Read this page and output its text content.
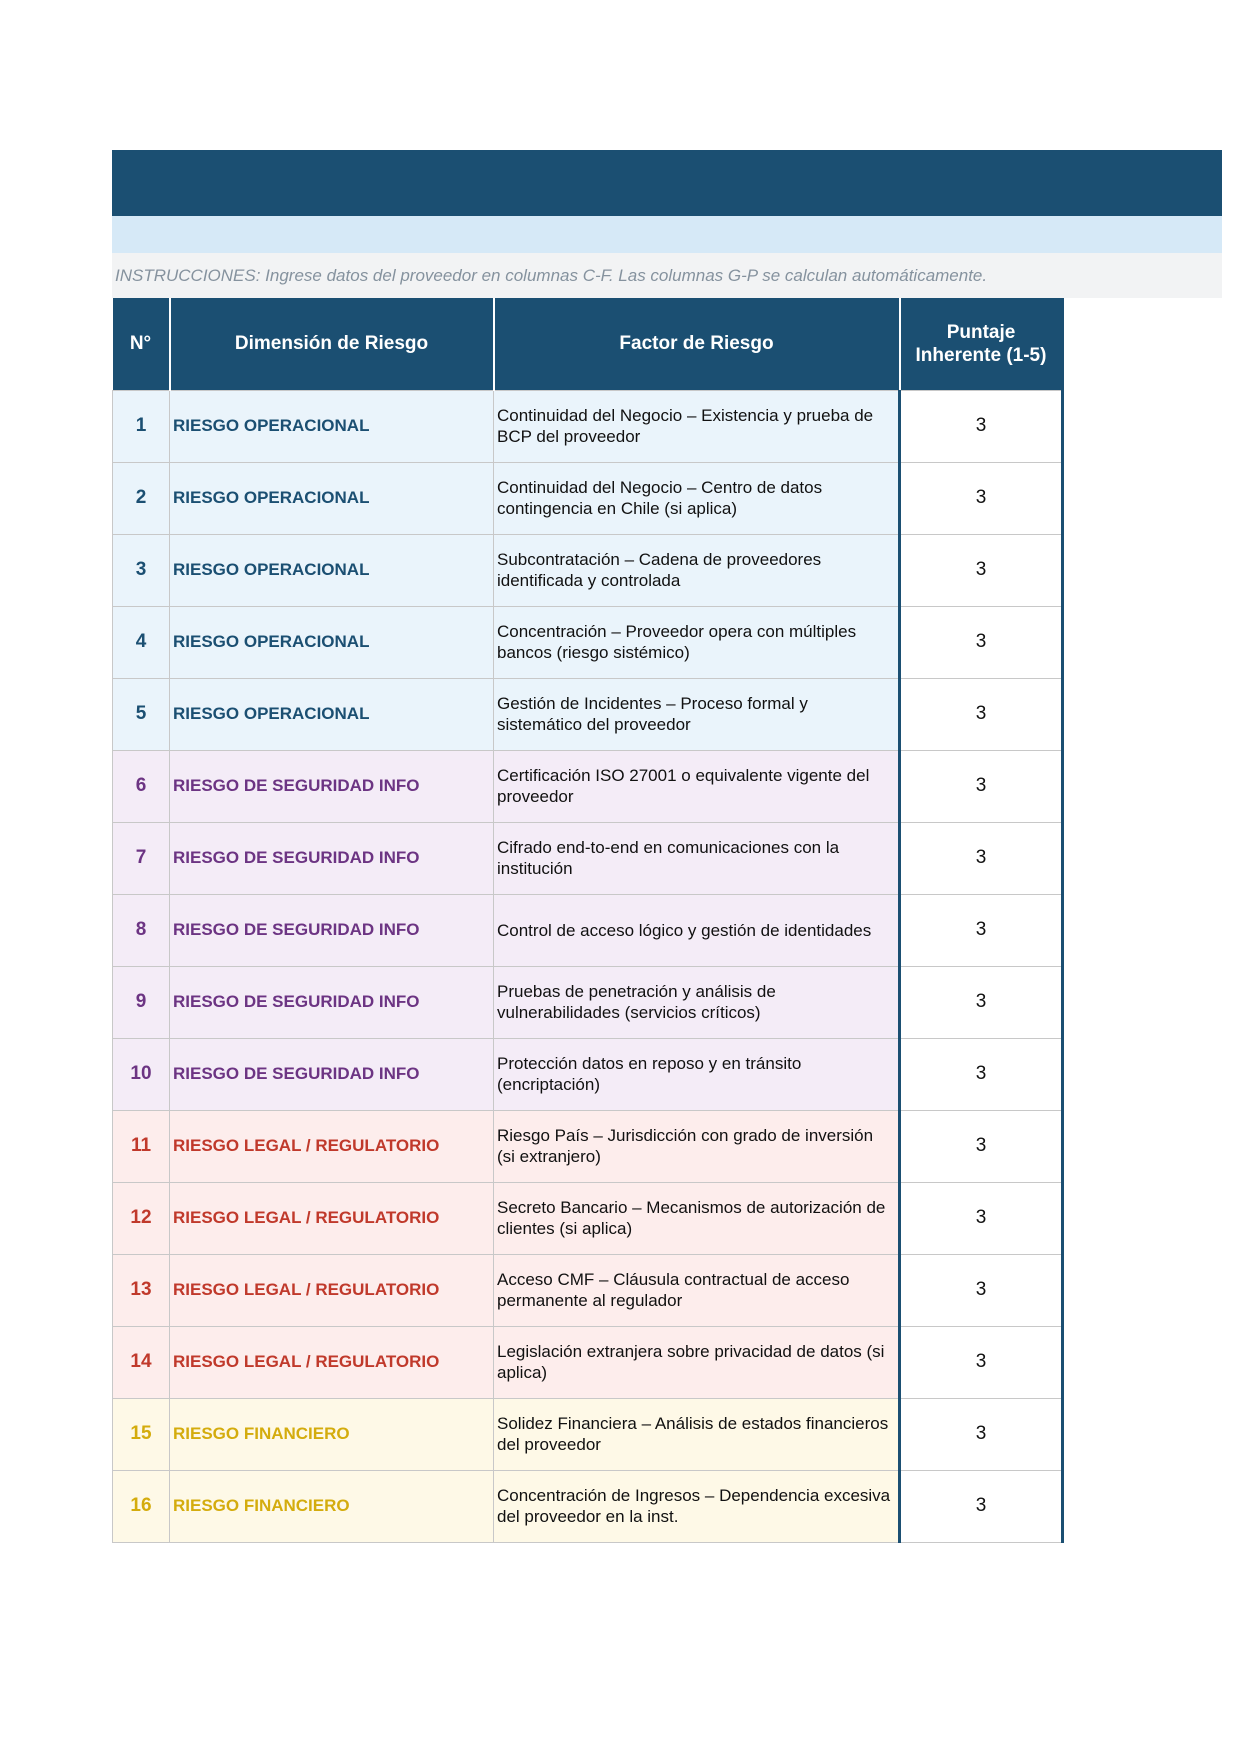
INSTRUCCIONES: Ingrese datos del proveedor en columnas C-F. Las columnas G-P se calculan automáticamente.
N°	Dimensión de Riesgo	Factor de Riesgo	Puntaje Inherente (1-5)
1	RIESGO OPERACIONAL	Continuidad del Negocio – Existencia y prueba de BCP del proveedor	3
2	RIESGO OPERACIONAL	Continuidad del Negocio – Centro de datos contingencia en Chile (si aplica)	3
3	RIESGO OPERACIONAL	Subcontratación – Cadena de proveedores identificada y controlada	3
4	RIESGO OPERACIONAL	Concentración – Proveedor opera con múltiples bancos (riesgo sistémico)	3
5	RIESGO OPERACIONAL	Gestión de Incidentes – Proceso formal y sistemático del proveedor	3
6	RIESGO DE SEGURIDAD INFO	Certificación ISO 27001 o equivalente vigente del proveedor	3
7	RIESGO DE SEGURIDAD INFO	Cifrado end-to-end en comunicaciones con la institución	3
8	RIESGO DE SEGURIDAD INFO	Control de acceso lógico y gestión de identidades	3
9	RIESGO DE SEGURIDAD INFO	Pruebas de penetración y análisis de vulnerabilidades (servicios críticos)	3
10	RIESGO DE SEGURIDAD INFO	Protección datos en reposo y en tránsito (encriptación)	3
11	RIESGO LEGAL / REGULATORIO	Riesgo País – Jurisdicción con grado de inversión (si extranjero)	3
12	RIESGO LEGAL / REGULATORIO	Secreto Bancario – Mecanismos de autorización de clientes (si aplica)	3
13	RIESGO LEGAL / REGULATORIO	Acceso CMF – Cláusula contractual de acceso permanente al regulador	3
14	RIESGO LEGAL / REGULATORIO	Legislación extranjera sobre privacidad de datos (si aplica)	3
15	RIESGO FINANCIERO	Solidez Financiera – Análisis de estados financieros del proveedor	3
16	RIESGO FINANCIERO	Concentración de Ingresos – Dependencia excesiva del proveedor en la inst.	3
